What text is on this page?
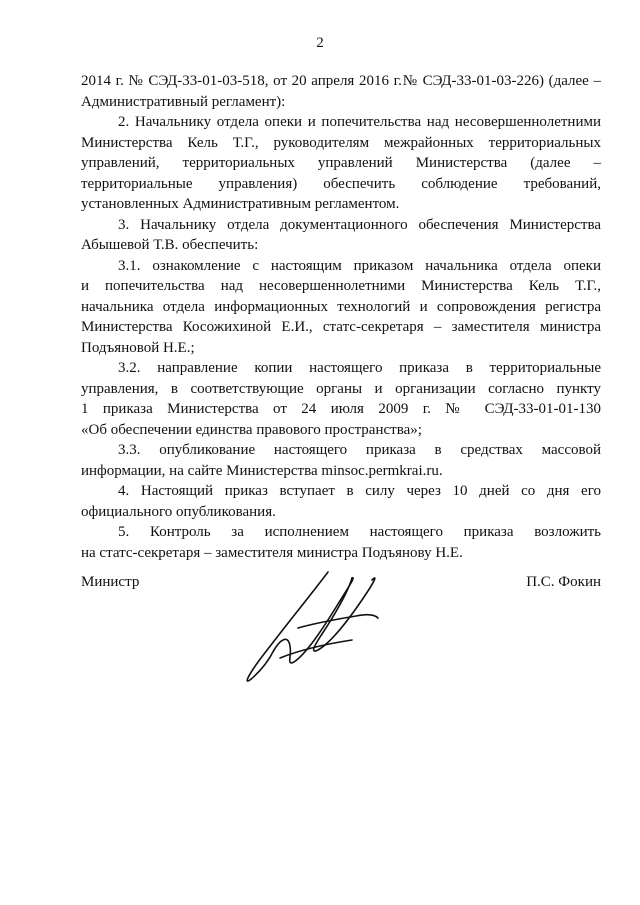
2

2014 г. № СЭД-33-01-03-518, от 20 апреля 2016 г.№ СЭД-33-01-03-226) (далее –
Административный регламент):

2. Начальнику отдела опеки и попечительства над несовершеннолетними
Министерства Кель Т.Г., руководителям межрайонных территориальных
управлений, территориальных управлений Министерства (далее –
территориальные управления) обеспечить соблюдение требований,
установленных Административным регламентом.

3. Начальнику отдела документационного обеспечения Министерства
Абышевой Т.В. обеспечить:

3.1. ознакомление с настоящим приказом начальника отдела опеки
и попечительства над несовершеннолетними Министерства Кель Т.Г.,
начальника отдела информационных технологий и сопровождения регистра
Министерства Косожихиной Е.И., статс-секретаря – заместителя министра
Подъяновой Н.Е.;

3.2. направление копии настоящего приказа в территориальные
управления, в соответствующие органы и организации согласно пункту
1 приказа Министерства от 24 июля 2009 г. № СЭД-33-01-01-130
«Об обеспечении единства правового пространства»;

3.3. опубликование настоящего приказа в средствах массовой
информации, на сайте Министерства minsoc.permkrai.ru.

4. Настоящий приказ вступает в силу через 10 дней со дня его
официального опубликования.

5. Контроль за исполнением настоящего приказа возложить
на статс-секретаря – заместителя министра Подъянову Н.Е.

Министр	П.С. Фокин
